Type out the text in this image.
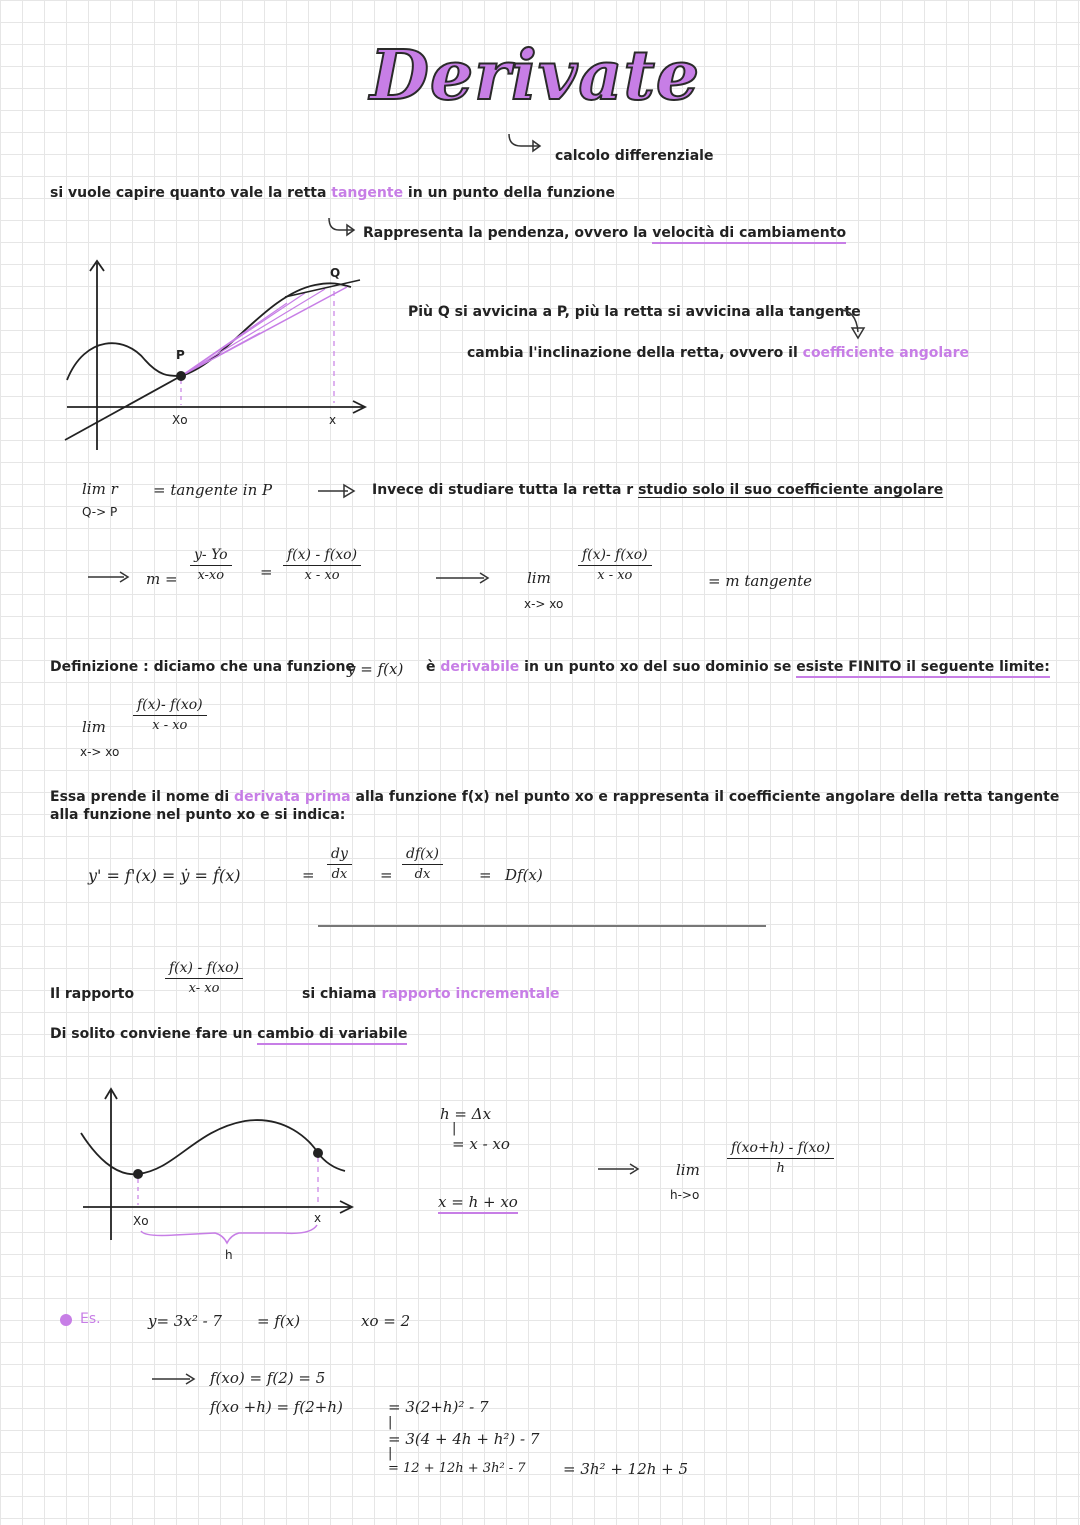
Derivate
calcolo differenziale
si vuole capire quanto vale la retta tangente in un punto della funzione
Rappresenta la pendenza, ovvero la velocità di cambiamento
Q
P
Xo	x
Più Q si avvicina a P, più la retta si avvicina alla tangente
cambia l'inclinazione della retta, ovvero il coefficiente angolare
lim r
Q-> P
= tangente in P	Invece di studiare tutta la retta r studio solo il suo coefficiente angolare
$m = \frac{y- Yo}{x-xo} = \frac{f(x) - f(xo)}{x - xo}$	lim
x-> xo
$\frac{f(x)- f(xo)}{x - xo}$	= m tangente
Definizione : diciamo che una funzione
y = f(x) è derivabile in un punto xo del suo dominio se esiste FINITO il seguente limite:
lim
x-> xo
$\frac{f(x)- f(xo)}{x - xo}$
Essa prende il nome di derivata prima alla funzione f(x) nel punto xo e rappresenta il coefficiente angolare della retta tangente
alla funzione nel punto xo e si indica:
y' = f'(x) = ẏ = ḟ(x)	= $\frac{dy}{dx} = \frac{df(x)}{dx} = Df(x)$
Il rapporto $\frac{f(x) - f(xo)}{x- xo}$	si chiama rapporto incrementale
Di solito conviene fare un cambio di variabile
Xo	x
h
h = Δx
|
= x - xo
x = h + xo
lim
h->o
$\frac{f(xo+h) - f(xo)}{h}$
Es.	y= 3x² - 7 = f(x)	xo = 2
f(xo) = f(2) = 5
f(xo +h) = f(2+h)	= 3(2+h)² - 7
|
= 3(4 + 4h + h²) - 7
|
= 12 + 12h + 3h² - 7 = 3h² + 12h + 5
